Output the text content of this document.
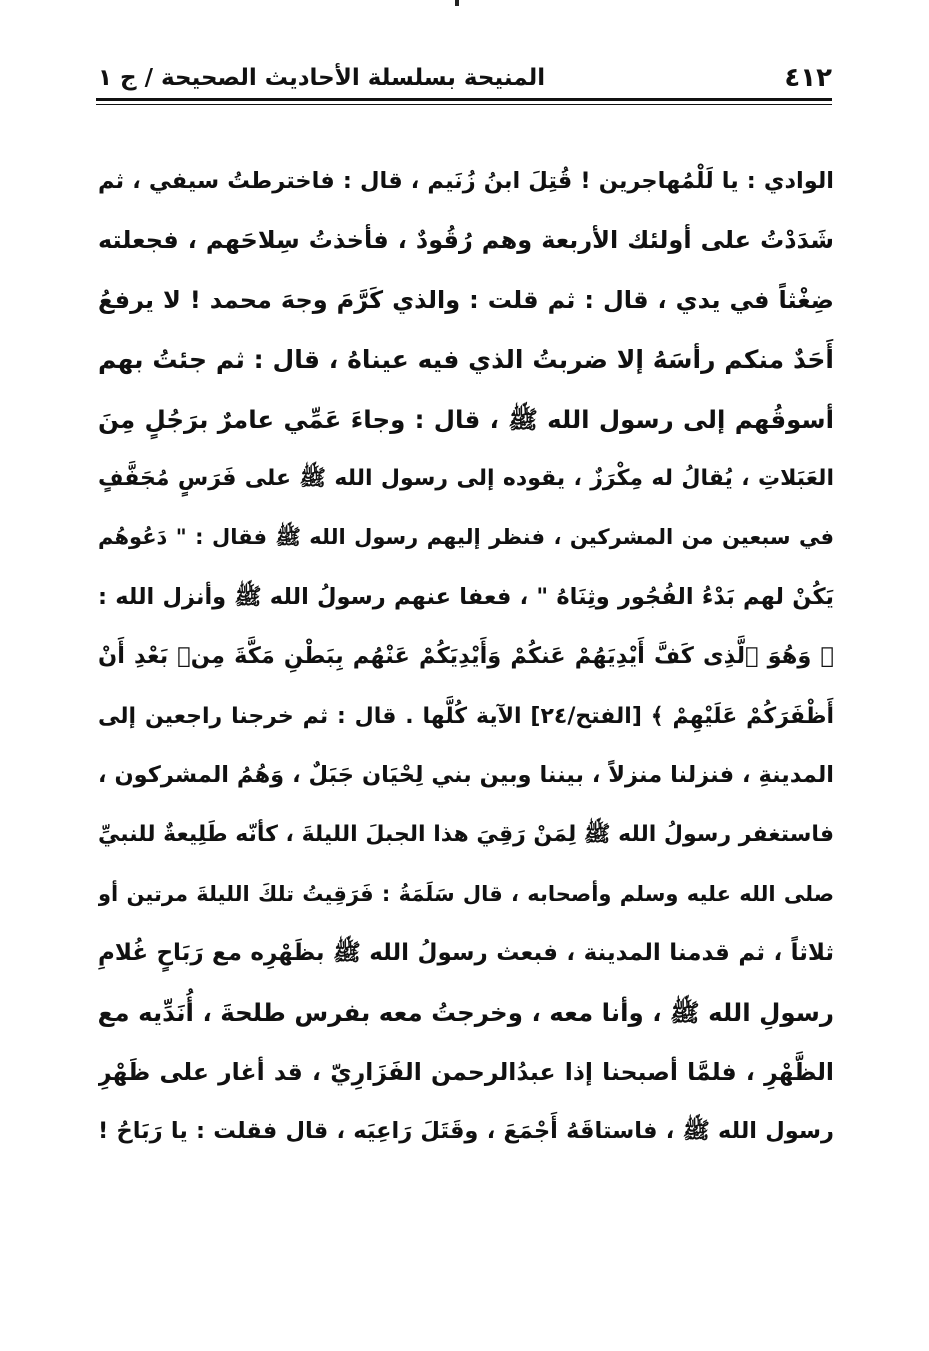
٤١٢
المنيحة بسلسلة الأحاديث الصحيحة / ج ١
الوادي : يا لَلْمُهاجرين ! قُتِلَ ابنُ زُنَيم ، قال : فاخترطتُ سيفي ، ثم
شَدَدْتُ على أولئك الأربعة وهم رُقُودٌ ، فأخذتُ سِلاحَهم ، فجعلته
ضِغْثاً في يدي ، قال : ثم قلت : والذي كَرَّمَ وجهَ محمد ! لا يرفعُ
أَحَدٌ منكم رأسَهُ إلا ضربتُ الذي فيه عيناهُ ، قال : ثم جئتُ بهم
أسوقُهم إلى رسول الله ﷺ ، قال : وجاءَ عَمِّي عامرٌ برَجُلٍ مِنَ
العَبَلاتِ ، يُقالُ له مِكْرَزٌ ، يقوده إلى رسول الله ﷺ على فَرَسٍ مُجَفَّفٍ
في سبعين من المشركين ، فنظر إليهم رسول الله ﷺ فقال : " دَعُوهُم
يَكُنْ لهم بَدْءُ الفُجُور وثِنَاهُ " ، فعفا عنهم رسولُ الله ﷺ وأنزل الله :
﴿ وَهُوَ ٱلَّذِى كَفَّ أَيْدِيَهُمْ عَنكُمْ وَأَيْدِيَكُمْ عَنْهُم بِبَطْنِ مَكَّةَ مِنۢ بَعْدِ أَنْ
أَظْفَرَكُمْ عَلَيْهِمْ ﴾ [الفتح/٢٤] الآية كُلَّها . قال : ثم خرجنا راجعين إلى
المدينةِ ، فنزلنا منزلاً ، بيننا وبين بني لِحْيَان جَبَلٌ ، وَهُمُ المشركون ،
فاستغفر رسولُ الله ﷺ لِمَنْ رَقِيَ هذا الجبلَ الليلةَ ، كأنّه طَلِيعةٌ للنبيِّ
صلى الله عليه وسلم وأصحابه ، قال سَلَمَةُ : فَرَقِيتُ تلكَ الليلةَ مرتين أو
ثلاثاً ، ثم قدمنا المدينة ، فبعث رسولُ الله ﷺ بظَهْرِه مع رَبَاحٍ غُلامِ
رسولِ الله ﷺ ، وأنا معه ، وخرجتُ معه بفرس طلحةَ ، أُنَدِّيه مع
الظَّهْرِ ، فلمَّا أصبحنا إذا عبدُالرحمن الفَزَارِيّ ، قد أغار على ظَهْرِ
رسول الله ﷺ ، فاستاقَهُ أَجْمَعَ ، وقَتَلَ رَاعِيَه ، قال فقلت : يا رَبَاحُ !
